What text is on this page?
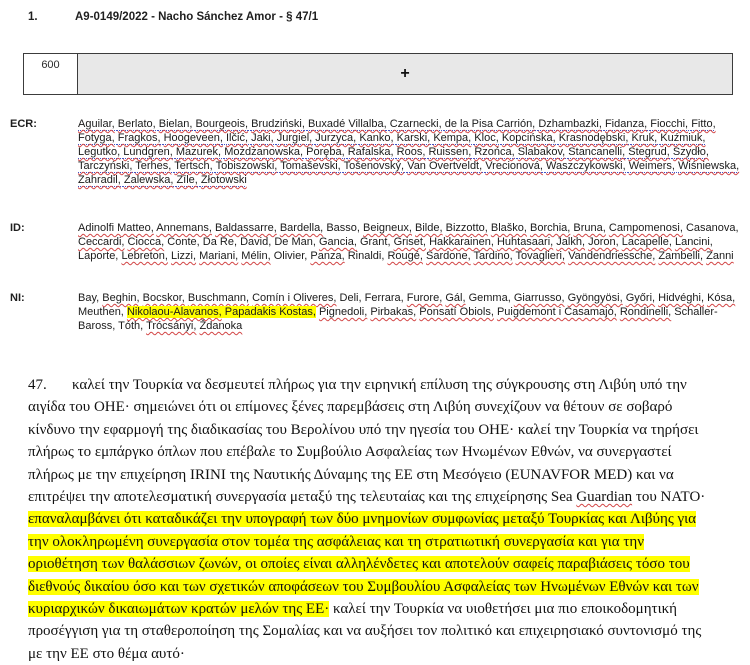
1.	A9-0149/2022 - Nacho Sánchez Amor - § 47/1
600	+
ECR:	Aguilar, Berlato, Bielan, Bourgeois, Brudziński, Buxadé Villalba, Czarnecki, de la Pisa Carrión, Dzhambazki, Fidanza, Fiocchi, Fitto, Fotyga, Fragkos, Hoogeveen, Ilčić, Jaki, Jurgiel, Jurzyca, Kanko, Karski, Kempa, Kloc, Kopcińska, Krasnodębski, Kruk, Kuźmiuk, Legutko, Lundgren, Mazurek, Możdżanowska, Poręba, Rafalska, Roos, Ruissen, Rzońca, Slabakov, Stancanelli, Stegrud, Szydło, Tarczyński, Terhes, Tertsch, Tobiszowski, Tomaševski, Tošenovský, Van Overtveldt, Vrecionová, Waszczykowski, Weimers, Wiśniewska, Zahradil, Zalewska, Zīle, Złotowski
ID:	Adinolfi Matteo, Annemans, Baldassarre, Bardella, Basso, Beigneux, Bilde, Bizzotto, Blaško, Borchia, Bruna, Campomenosi, Casanova, Ceccardi, Ciocca, Conte, Da Re, David, De Man, Gancia, Grant, Griset, Hakkarainen, Huhtasaari, Jalkh, Joron, Lacapelle, Lancini, Laporte, Lebreton, Lizzi, Mariani, Mélin, Olivier, Panza, Rinaldi, Rougé, Sardone, Tardino, Tovaglieri, Vandendriessche, Zambelli, Zanni
NI:	Bay, Beghin, Bocskor, Buschmann, Comín i Oliveres, Deli, Ferrara, Furore, Gál, Gemma, Giarrusso, Gyöngyösi, Győri, Hidvéghi, Kósa, Meuthen, Nikolaou-Alavanos, Papadakis Kostas, Pignedoli, Pirbakas, Ponsatí Obiols, Puigdemont i Casamajó, Rondinelli, Schaller-Baross, Tóth, Trócsányi, Ždanoka
47. καλεί την Τουρκία να δεσμευτεί πλήρως για την ειρηνική επίλυση της σύγκρουσης στη Λιβύη υπό την αιγίδα του ΟΗΕ· σημειώνει ότι οι επίμονες ξένες παρεμβάσεις στη Λιβύη συνεχίζουν να θέτουν σε σοβαρό κίνδυνο την εφαρμογή της διαδικασίας του Βερολίνου υπό την ηγεσία του ΟΗΕ· καλεί την Τουρκία να τηρήσει πλήρως το εμπάργκο όπλων που επέβαλε το Συμβούλιο Ασφαλείας των Ηνωμένων Εθνών, να συνεργαστεί πλήρως με την επιχείρηση IRINI της Ναυτικής Δύναμης της ΕΕ στη Μεσόγειο (EUNAVFOR MED) και να επιτρέψει την αποτελεσματική συνεργασία μεταξύ της τελευταίας και της επιχείρησης Sea Guardian του NATO· επαναλαμβάνει ότι καταδικάζει την υπογραφή των δύο μνημονίων συμφωνίας μεταξύ Τουρκίας και Λιβύης για την ολοκληρωμένη συνεργασία στον τομέα της ασφάλειας και τη στρατιωτική συνεργασία και για την οριοθέτηση των θαλάσσιων ζωνών, οι οποίες είναι αλληλένδετες και αποτελούν σαφείς παραβιάσεις τόσο του διεθνούς δικαίου όσο και των σχετικών αποφάσεων του Συμβουλίου Ασφαλείας των Ηνωμένων Εθνών και των κυριαρχικών δικαιωμάτων κρατών μελών της ΕΕ· καλεί την Τουρκία να υιοθετήσει μια πιο εποικοδομητική προσέγγιση για τη σταθεροποίηση της Σομαλίας και να αυξήσει τον πολιτικό και επιχειρησιακό συντονισμό της με την ΕΕ στο θέμα αυτό·
